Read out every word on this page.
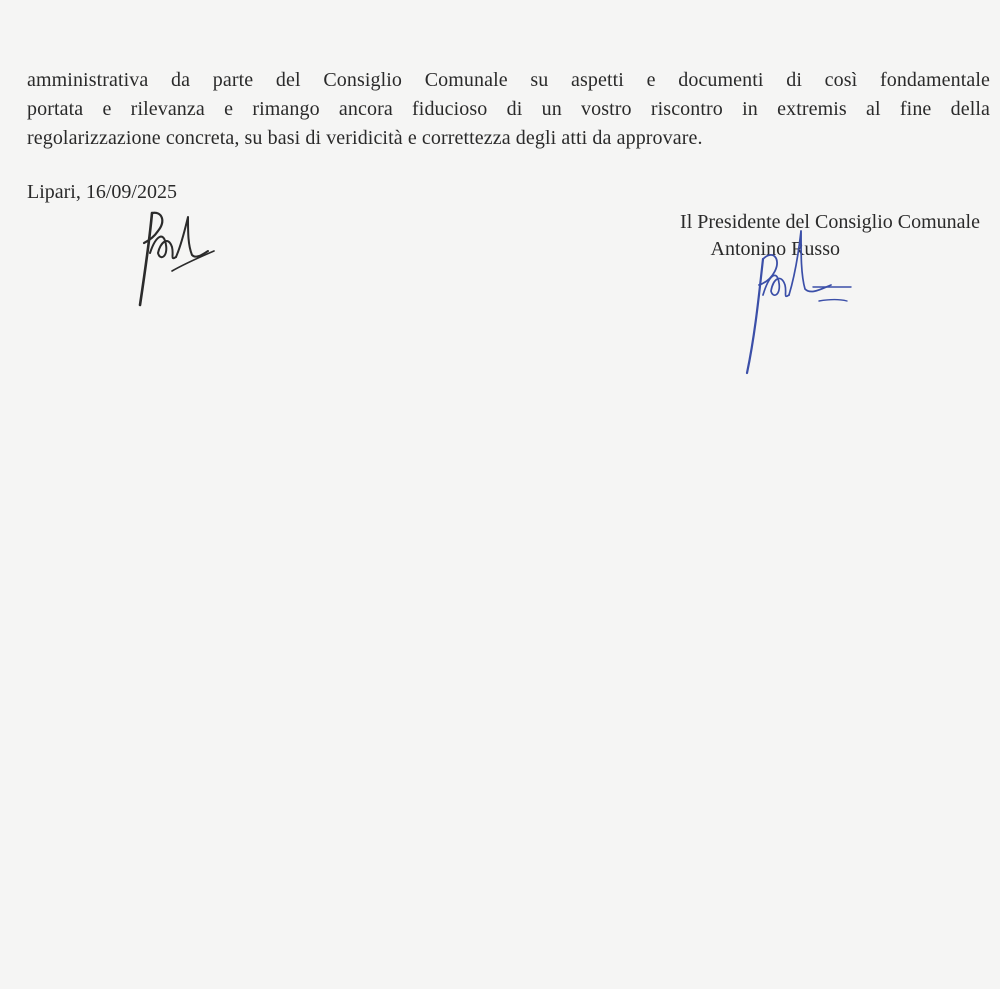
amministrativa da parte del Consiglio Comunale su aspetti e documenti di così fondamentale
portata e rilevanza e rimango ancora fiducioso di un vostro riscontro in extremis al fine della
regolarizzazione concreta, su basi di veridicità e correttezza degli atti da approvare.
Lipari, 16/09/2025
Il Presidente del Consiglio Comunale
Antonino Russo
